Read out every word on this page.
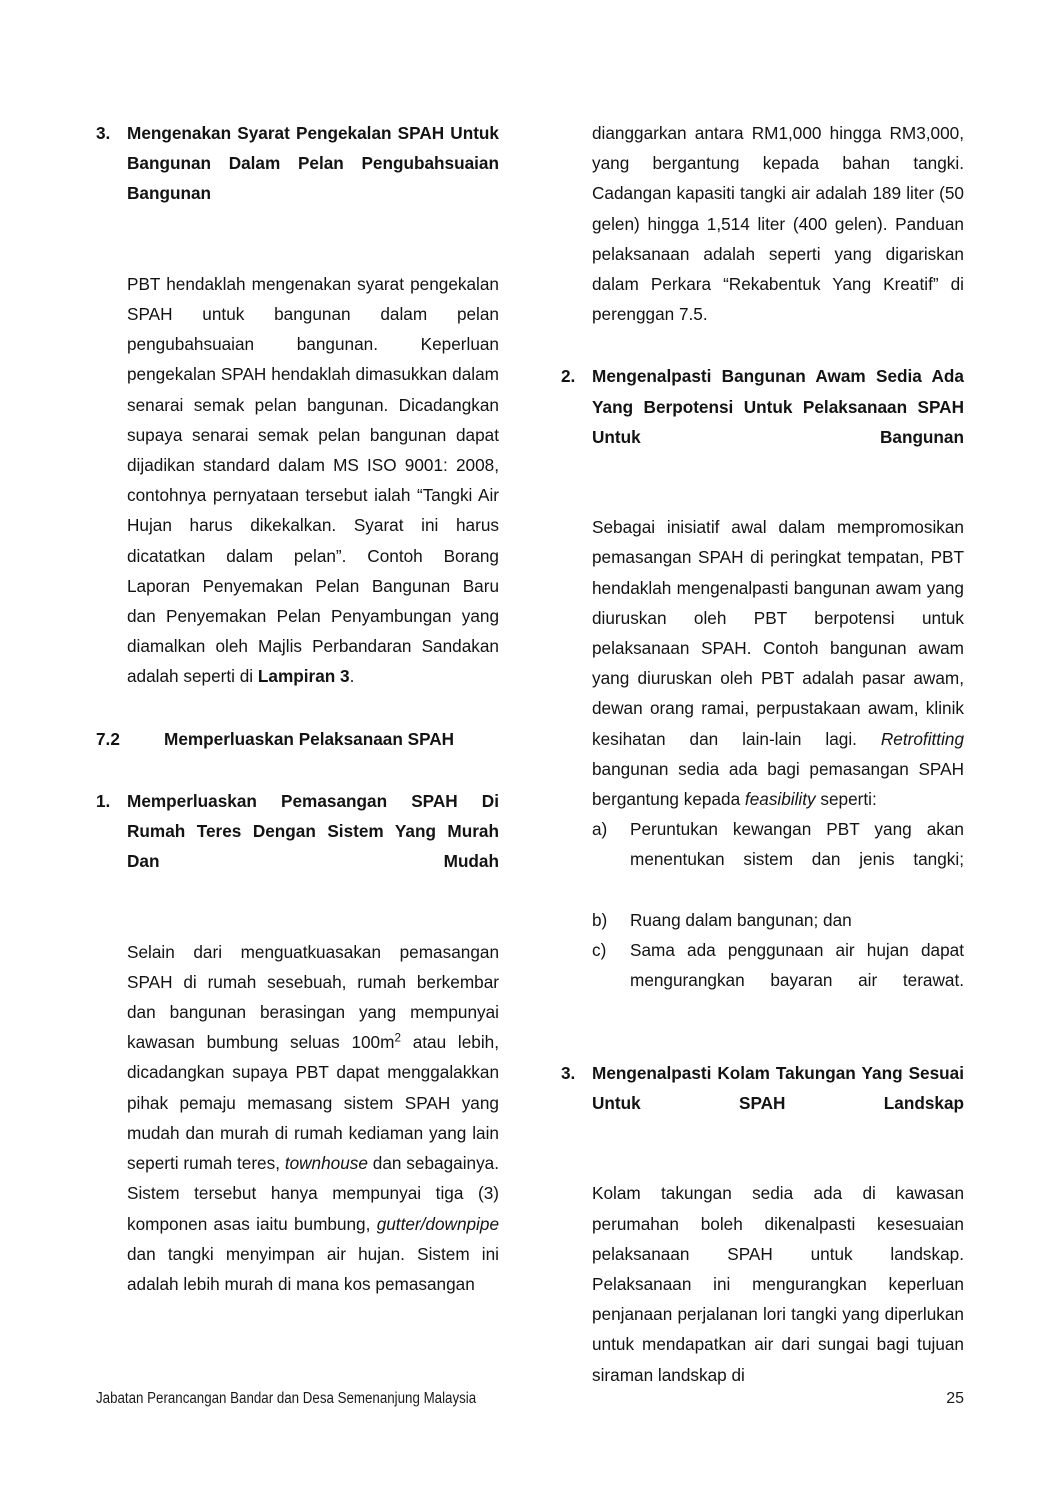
3. Mengenakan Syarat Pengekalan SPAH Untuk Bangunan Dalam Pelan Pengubahsuaian Bangunan

PBT hendaklah mengenakan syarat pengekalan SPAH untuk bangunan dalam pelan pengubahsuaian bangunan. Keperluan pengekalan SPAH hendaklah dimasukkan dalam senarai semak pelan bangunan. Dicadangkan supaya senarai semak pelan bangunan dapat dijadikan standard dalam MS ISO 9001: 2008, contohnya pernyataan tersebut ialah “Tangki Air Hujan harus dikekalkan. Syarat ini harus dicatatkan dalam pelan”. Contoh Borang Laporan Penyemakan Pelan Bangunan Baru dan Penyemakan Pelan Penyambungan yang diamalkan oleh Majlis Perbandaran Sandakan adalah seperti di Lampiran 3.

7.2	Memperluaskan Pelaksanaan SPAH
1. Memperluaskan Pemasangan SPAH Di Rumah Teres Dengan Sistem Yang Murah Dan Mudah

Selain dari menguatkuasakan pemasangan SPAH di rumah sesebuah, rumah berkembar dan bangunan berasingan yang mempunyai kawasan bumbung seluas $100m^2$ atau lebih, dicadangkan supaya PBT dapat menggalakkan pihak pemaju memasang sistem SPAH yang mudah dan murah di rumah kediaman yang lain seperti rumah teres, townhouse dan sebagainya. Sistem tersebut hanya mempunyai tiga (3) komponen asas iaitu bumbung, gutter/downpipe dan tangki menyimpan air hujan. Sistem ini adalah lebih murah di mana kos pemasangan

dianggarkan antara RM1,000 hingga RM3,000, yang bergantung kepada bahan tangki. Cadangan kapasiti tangki air adalah 189 liter (50 gelen) hingga 1,514 liter (400 gelen). Panduan pelaksanaan adalah seperti yang digariskan dalam Perkara “Rekabentuk Yang Kreatif” di perenggan 7.5.

2. Mengenalpasti Bangunan Awam Sedia Ada Yang Berpotensi Untuk Pelaksanaan SPAH Untuk Bangunan

Sebagai inisiatif awal dalam mempromosikan pemasangan SPAH di peringkat tempatan, PBT hendaklah mengenalpasti bangunan awam yang diuruskan oleh PBT berpotensi untuk pelaksanaan SPAH. Contoh bangunan awam yang diuruskan oleh PBT adalah pasar awam, dewan orang ramai, perpustakaan awam, klinik kesihatan dan lain-lain lagi. Retrofitting bangunan sedia ada bagi pemasangan SPAH bergantung kepada feasibility seperti:

a)	Peruntukan kewangan PBT yang akan menentukan sistem dan jenis tangki;
b)	Ruang dalam bangunan; dan
c)	Sama ada penggunaan air hujan dapat mengurangkan bayaran air terawat.
3. Mengenalpasti Kolam Takungan Yang Sesuai Untuk SPAH Landskap

Kolam takungan sedia ada di kawasan perumahan boleh dikenalpasti kesesuaian pelaksanaan SPAH untuk landskap. Pelaksanaan ini mengurangkan keperluan penjanaan perjalanan lori tangki yang diperlukan untuk mendapatkan air dari sungai bagi tujuan siraman landskap di

Jabatan Perancangan Bandar dan Desa Semenanjung Malaysia	25
